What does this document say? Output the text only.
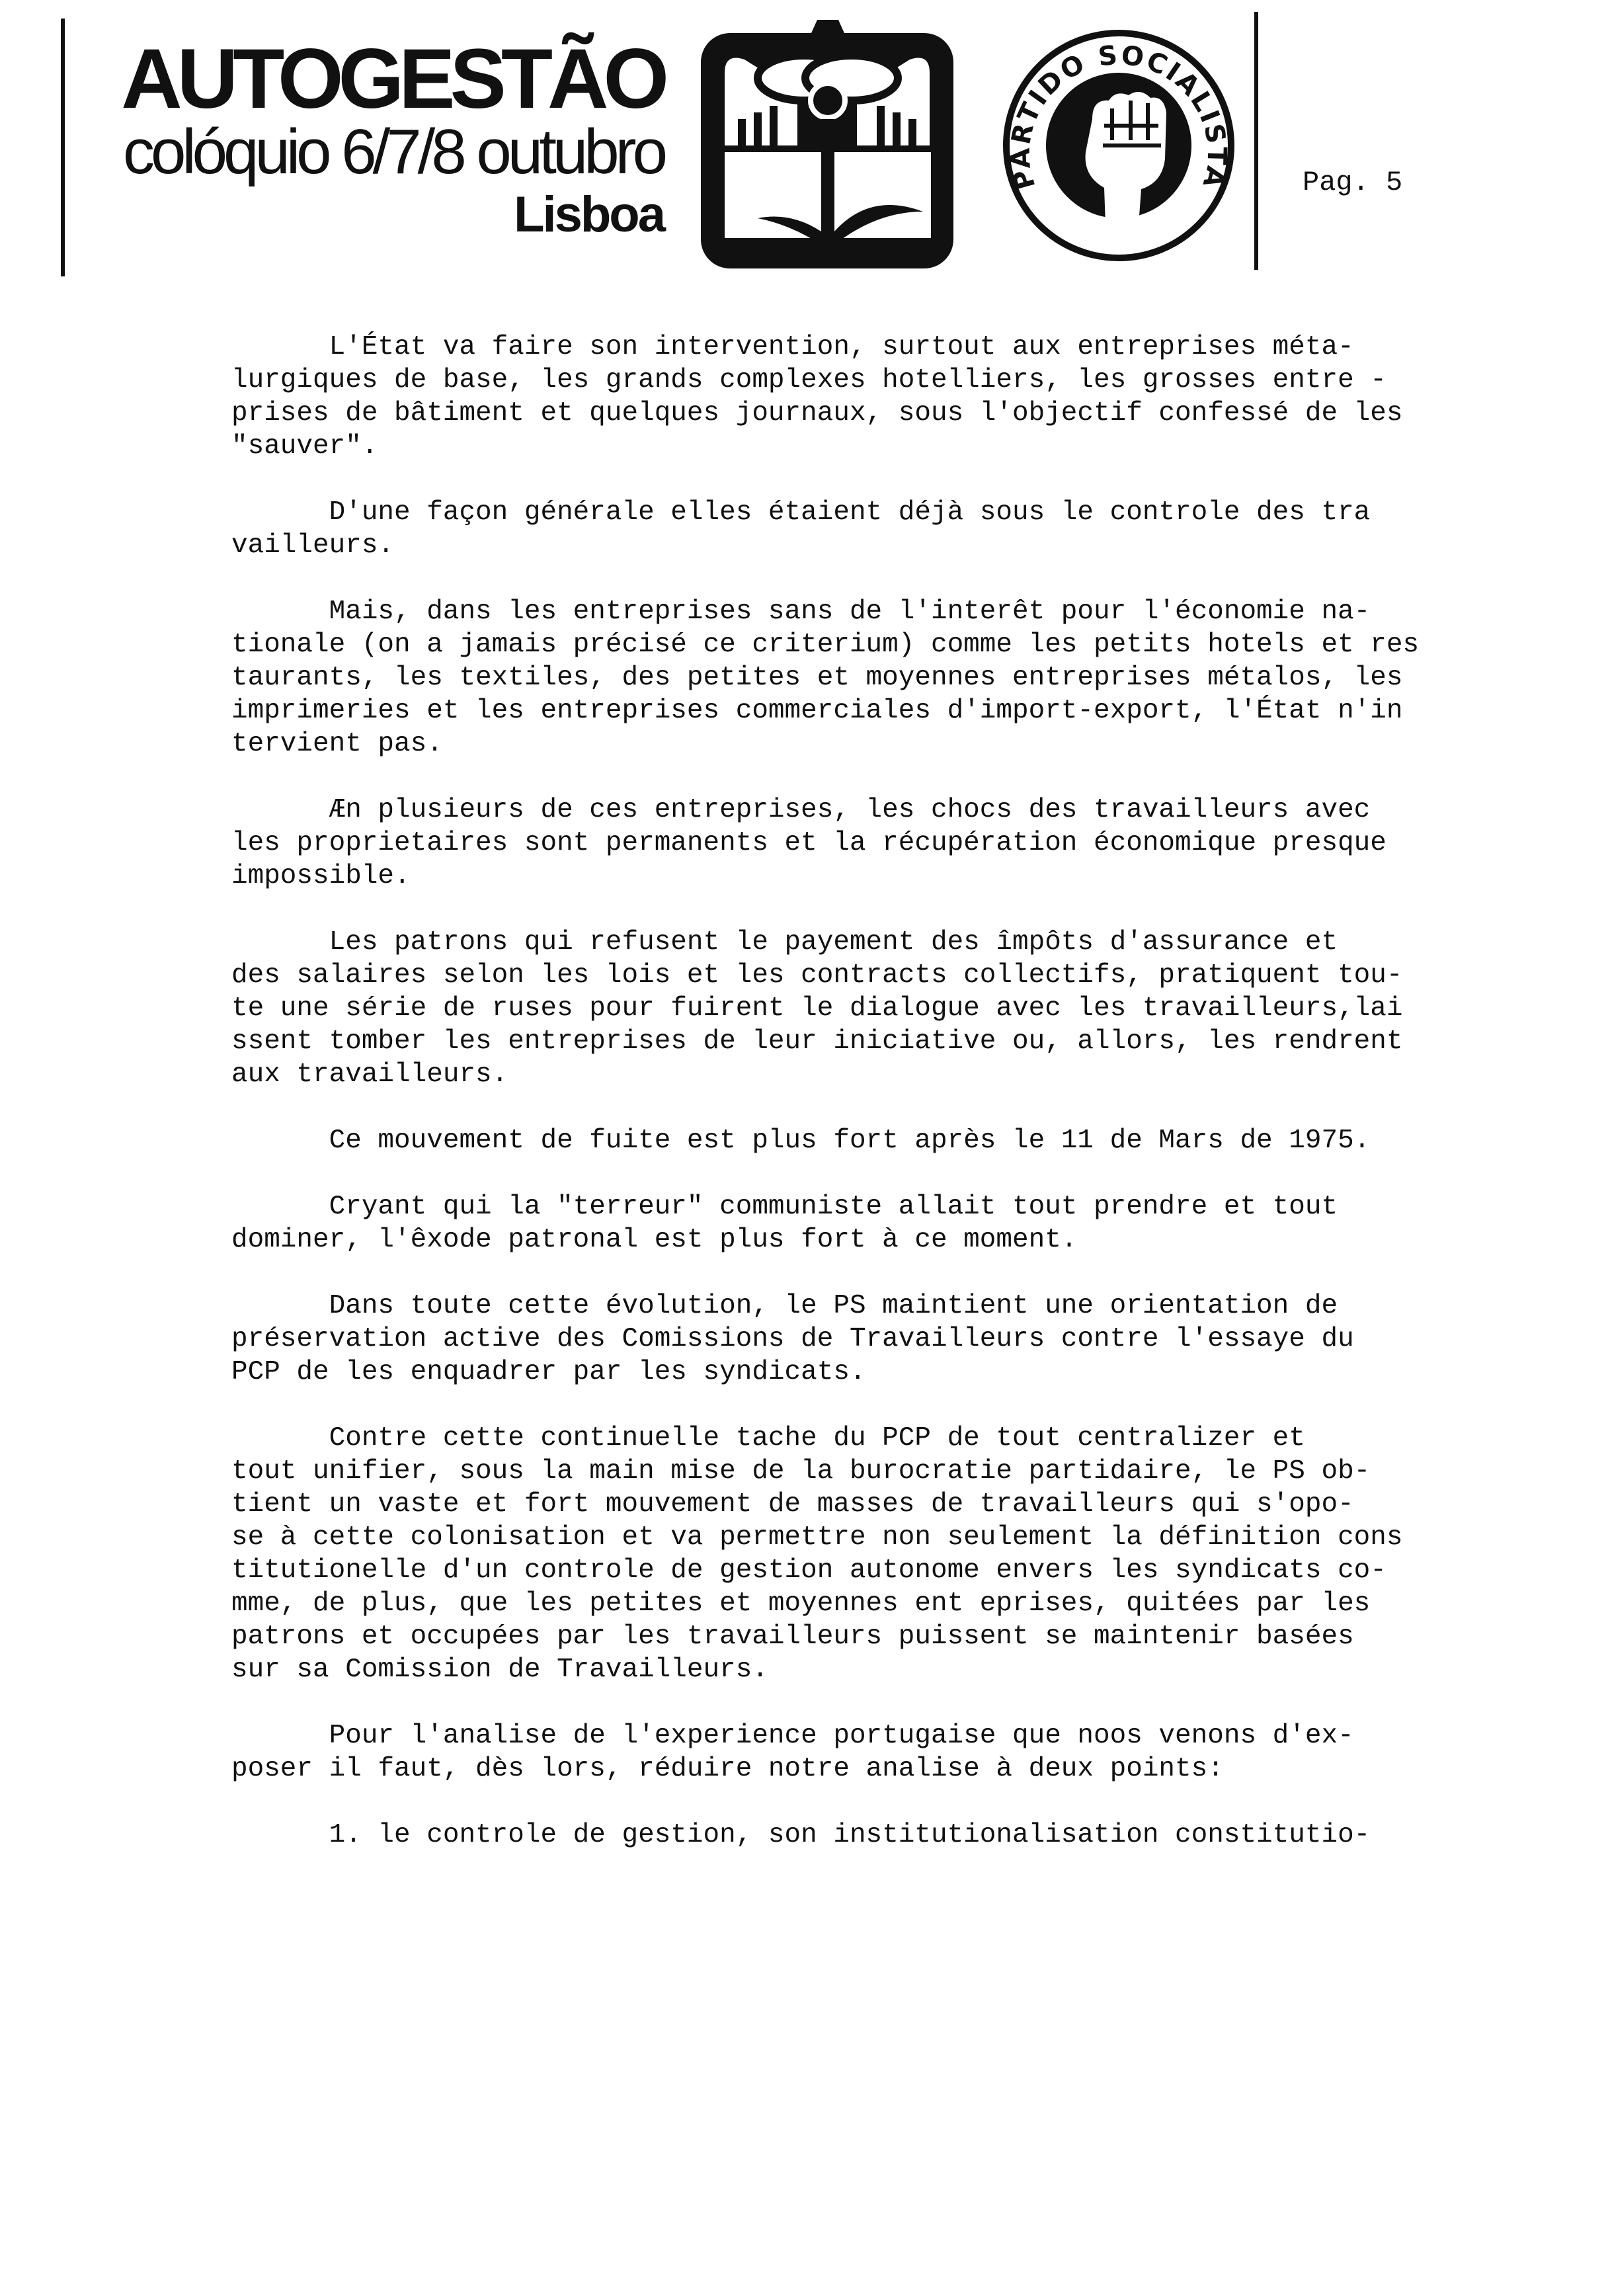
AUTOGESTÃO
colóquio 6/7/8 outubro
Lisboa
PARTIDO SOCIALISTA	Pag. 5
L'État va faire son intervention, surtout aux entreprises méta-
lurgiques de base, les grands complexes hotelliers, les grosses entre -
prises de bâtiment et quelques journaux, sous l'objectif confessé de les
"sauver".
D'une façon générale elles étaient déjà sous le controle des tra
vailleurs.
Mais, dans les entreprises sans de l'interêt pour l'économie na-
tionale (on a jamais précisé ce criterium) comme les petits hotels et res
taurants, les textiles, des petites et moyennes entreprises métalos, les
imprimeries et les entreprises commerciales d'import-export, l'État n'in
tervient pas.
Æn plusieurs de ces entreprises, les chocs des travailleurs avec
les proprietaires sont permanents et la récupération économique presque
impossible.
Les patrons qui refusent le payement des împôts d'assurance et
des salaires selon les lois et les contracts collectifs, pratiquent tou-
te une série de ruses pour fuirent le dialogue avec les travailleurs,lai
ssent tomber les entreprises de leur iniciative ou, allors, les rendrent
aux travailleurs.
Ce mouvement de fuite est plus fort après le 11 de Mars de 1975.
Cryant qui la "terreur" communiste allait tout prendre et tout
dominer, l'êxode patronal est plus fort à ce moment.
Dans toute cette évolution, le PS maintient une orientation de
préservation active des Comissions de Travailleurs contre l'essaye du
PCP de les enquadrer par les syndicats.
Contre cette continuelle tache du PCP de tout centralizer et
tout unifier, sous la main mise de la burocratie partidaire, le PS ob-
tient un vaste et fort mouvement de masses de travailleurs qui s'opo-
se à cette colonisation et va permettre non seulement la définition cons
titutionelle d'un controle de gestion autonome envers les syndicats co-
mme, de plus, que les petites et moyennes ent eprises, quitées par les
patrons et occupées par les travailleurs puissent se maintenir basées
sur sa Comission de Travailleurs.
Pour l'analise de l'experience portugaise que noos venons d'ex-
poser il faut, dès lors, réduire notre analise à deux points:
1. le controle de gestion, son institutionalisation constitutio-
